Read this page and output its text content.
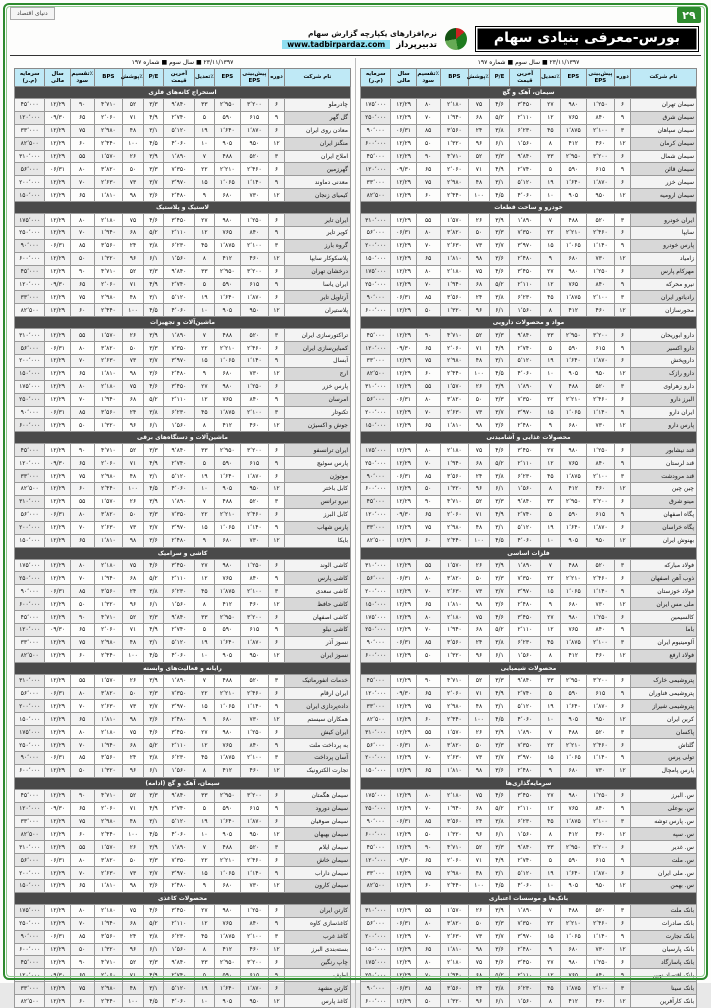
۲۹
دنیای اقتصاد
بورس-معرفی بنیادی سهام
نرم‌افزارهای یکپارچه گزارش سهام
تدبیرپرداز
www.tadbirpardaz.com
۲۳/۱۱/۱۳۹۷ ■ سال سوم ■ شماره ۱۹۷
نام شرکت	دوره	پیش‌بینی EPS	EPS	٪تعدیل	آخرین قیمت	P/E	٪پوشش	BPS	٪تقسیم سود	سال مالی	سرمایه (م.ر)
سیمان، آهک و گچ											
سیمان تهران	۶	۱٬۲۵۰	۹۸۰	۲۷	۳٬۴۵۰	۴/۶	۷۵	۲٬۱۸۰	۸۰	۱۲/۲۹	۱۷۵٬۰۰۰
سیمان شرق	۹	۸۴۰	۷۶۵	۱۲	۲٬۱۱۰	۵/۲	۶۸	۱٬۹۴۰	۷۰	۱۲/۲۹	۲۵۰٬۰۰۰
سیمان سپاهان	۳	۲٬۱۰۰	۱٬۸۷۵	۴۵	۶٬۲۳۰	۳/۸	۲۴	۳٬۵۶۰	۸۵	۰۶/۳۱	۹۰٬۰۰۰
سیمان کرمان	۱۲	۴۶۰	۴۱۲	۸	۱٬۵۶۰	۶/۱	۹۶	۱٬۳۲۰	۵۰	۱۲/۲۹	۶۰۰٬۰۰۰
سیمان شمال	۶	۳٬۲۰۰	۲٬۹۵۰	۳۳	۹٬۸۴۰	۳/۳	۵۲	۴٬۷۱۰	۹۰	۱۲/۲۹	۴۵٬۰۰۰
سیمان قائن	۹	۶۱۵	۵۹۰	۵	۲٬۷۴۰	۴/۹	۷۱	۲٬۰۶۰	۶۵	۰۹/۳۰	۱۲۰٬۰۰۰
سیمان خزر	۶	۱٬۸۷۰	۱٬۶۴۰	۱۹	۵٬۱۲۰	۳/۱	۴۸	۲٬۹۸۰	۷۵	۱۲/۲۹	۳۳٬۰۰۰
سیمان ارومیه	۱۲	۹۵۰	۹۰۵	۱۰	۴٬۰۶۰	۴/۵	۱۰۰	۲٬۴۴۰	۶۰	۱۲/۲۹	۸۲٬۵۰۰
خودرو و ساخت قطعات											
ایران خودرو	۳	۵۲۰	۴۸۸	۷	۱٬۸۹۰	۳/۹	۲۶	۱٬۵۷۰	۵۵	۱۲/۲۹	۳۱۰٬۰۰۰
سایپا	۶	۲٬۴۶۰	۲٬۲۱۰	۲۲	۷٬۳۵۰	۳/۳	۵۰	۳٬۸۲۰	۸۰	۰۶/۳۱	۵۶٬۰۰۰
پارس خودرو	۹	۱٬۱۴۰	۱٬۰۶۵	۱۵	۳٬۹۷۰	۳/۷	۷۳	۲٬۶۳۰	۷۰	۱۲/۲۹	۲۰۰٬۰۰۰
زامیاد	۱۲	۷۳۰	۶۸۰	۹	۲٬۴۸۰	۳/۶	۹۸	۱٬۸۱۰	۶۵	۱۲/۲۹	۱۵۰٬۰۰۰
مهرکام پارس	۶	۱٬۲۵۰	۹۸۰	۲۷	۳٬۴۵۰	۴/۶	۷۵	۲٬۱۸۰	۸۰	۱۲/۲۹	۱۷۵٬۰۰۰
نیرو محرکه	۹	۸۴۰	۷۶۵	۱۲	۲٬۱۱۰	۵/۲	۶۸	۱٬۹۴۰	۷۰	۱۲/۲۹	۲۵۰٬۰۰۰
رادیاتور ایران	۳	۲٬۱۰۰	۱٬۸۷۵	۴۵	۶٬۲۳۰	۳/۸	۲۴	۳٬۵۶۰	۸۵	۰۶/۳۱	۹۰٬۰۰۰
محورسازان	۱۲	۴۶۰	۴۱۲	۸	۱٬۵۶۰	۶/۱	۹۶	۱٬۳۲۰	۵۰	۱۲/۲۹	۶۰۰٬۰۰۰
مواد و محصولات دارویی											
دارو ابوریحان	۶	۳٬۲۰۰	۲٬۹۵۰	۳۳	۹٬۸۴۰	۳/۳	۵۲	۴٬۷۱۰	۹۰	۱۲/۲۹	۴۵٬۰۰۰
دارو اکسیر	۹	۶۱۵	۵۹۰	۵	۲٬۷۴۰	۴/۹	۷۱	۲٬۰۶۰	۶۵	۰۹/۳۰	۱۲۰٬۰۰۰
داروپخش	۶	۱٬۸۷۰	۱٬۶۴۰	۱۹	۵٬۱۲۰	۳/۱	۴۸	۲٬۹۸۰	۷۵	۱۲/۲۹	۳۳٬۰۰۰
دارو رازک	۱۲	۹۵۰	۹۰۵	۱۰	۴٬۰۶۰	۴/۵	۱۰۰	۲٬۴۴۰	۶۰	۱۲/۲۹	۸۲٬۵۰۰
دارو زهراوی	۳	۵۲۰	۴۸۸	۷	۱٬۸۹۰	۳/۹	۲۶	۱٬۵۷۰	۵۵	۱۲/۲۹	۳۱۰٬۰۰۰
البرز دارو	۶	۲٬۴۶۰	۲٬۲۱۰	۲۲	۷٬۳۵۰	۳/۳	۵۰	۳٬۸۲۰	۸۰	۰۶/۳۱	۵۶٬۰۰۰
ایران دارو	۹	۱٬۱۴۰	۱٬۰۶۵	۱۵	۳٬۹۷۰	۳/۷	۷۳	۲٬۶۳۰	۷۰	۱۲/۲۹	۲۰۰٬۰۰۰
پارس دارو	۱۲	۷۳۰	۶۸۰	۹	۲٬۴۸۰	۳/۶	۹۸	۱٬۸۱۰	۶۵	۱۲/۲۹	۱۵۰٬۰۰۰
محصولات غذایی و آشامیدنی											
قند نیشابور	۶	۱٬۲۵۰	۹۸۰	۲۷	۳٬۴۵۰	۴/۶	۷۵	۲٬۱۸۰	۸۰	۱۲/۲۹	۱۷۵٬۰۰۰
قند لرستان	۹	۸۴۰	۷۶۵	۱۲	۲٬۱۱۰	۵/۲	۶۸	۱٬۹۴۰	۷۰	۱۲/۲۹	۲۵۰٬۰۰۰
قند مرودشت	۳	۲٬۱۰۰	۱٬۸۷۵	۴۵	۶٬۲۳۰	۳/۸	۲۴	۳٬۵۶۰	۸۵	۰۶/۳۱	۹۰٬۰۰۰
چین چین	۱۲	۴۶۰	۴۱۲	۸	۱٬۵۶۰	۶/۱	۹۶	۱٬۳۲۰	۵۰	۱۲/۲۹	۶۰۰٬۰۰۰
مینو شرق	۶	۳٬۲۰۰	۲٬۹۵۰	۳۳	۹٬۸۴۰	۳/۳	۵۲	۴٬۷۱۰	۹۰	۱۲/۲۹	۴۵٬۰۰۰
پگاه اصفهان	۹	۶۱۵	۵۹۰	۵	۲٬۷۴۰	۴/۹	۷۱	۲٬۰۶۰	۶۵	۰۹/۳۰	۱۲۰٬۰۰۰
پگاه خراسان	۶	۱٬۸۷۰	۱٬۶۴۰	۱۹	۵٬۱۲۰	۳/۱	۴۸	۲٬۹۸۰	۷۵	۱۲/۲۹	۳۳٬۰۰۰
بهنوش ایران	۱۲	۹۵۰	۹۰۵	۱۰	۴٬۰۶۰	۴/۵	۱۰۰	۲٬۴۴۰	۶۰	۱۲/۲۹	۸۲٬۵۰۰
فلزات اساسی											
فولاد مبارکه	۳	۵۲۰	۴۸۸	۷	۱٬۸۹۰	۳/۹	۲۶	۱٬۵۷۰	۵۵	۱۲/۲۹	۳۱۰٬۰۰۰
ذوب آهن اصفهان	۶	۲٬۴۶۰	۲٬۲۱۰	۲۲	۷٬۳۵۰	۳/۳	۵۰	۳٬۸۲۰	۸۰	۰۶/۳۱	۵۶٬۰۰۰
فولاد خوزستان	۹	۱٬۱۴۰	۱٬۰۶۵	۱۵	۳٬۹۷۰	۳/۷	۷۳	۲٬۶۳۰	۷۰	۱۲/۲۹	۲۰۰٬۰۰۰
ملی مس ایران	۱۲	۷۳۰	۶۸۰	۹	۲٬۴۸۰	۳/۶	۹۸	۱٬۸۱۰	۶۵	۱۲/۲۹	۱۵۰٬۰۰۰
کالسیمین	۶	۱٬۲۵۰	۹۸۰	۲۷	۳٬۴۵۰	۴/۶	۷۵	۲٬۱۸۰	۸۰	۱۲/۲۹	۱۷۵٬۰۰۰
باما	۹	۸۴۰	۷۶۵	۱۲	۲٬۱۱۰	۵/۲	۶۸	۱٬۹۴۰	۷۰	۱۲/۲۹	۲۵۰٬۰۰۰
آلومینیوم ایران	۳	۲٬۱۰۰	۱٬۸۷۵	۴۵	۶٬۲۳۰	۳/۸	۲۴	۳٬۵۶۰	۸۵	۰۶/۳۱	۹۰٬۰۰۰
فولاد ارفع	۱۲	۴۶۰	۴۱۲	۸	۱٬۵۶۰	۶/۱	۹۶	۱٬۳۲۰	۵۰	۱۲/۲۹	۶۰۰٬۰۰۰
محصولات شیمیایی											
پتروشیمی خارک	۶	۳٬۲۰۰	۲٬۹۵۰	۳۳	۹٬۸۴۰	۳/۳	۵۲	۴٬۷۱۰	۹۰	۱۲/۲۹	۴۵٬۰۰۰
پتروشیمی فناوران	۹	۶۱۵	۵۹۰	۵	۲٬۷۴۰	۴/۹	۷۱	۲٬۰۶۰	۶۵	۰۹/۳۰	۱۲۰٬۰۰۰
پتروشیمی شیراز	۶	۱٬۸۷۰	۱٬۶۴۰	۱۹	۵٬۱۲۰	۳/۱	۴۸	۲٬۹۸۰	۷۵	۱۲/۲۹	۳۳٬۰۰۰
کربن ایران	۱۲	۹۵۰	۹۰۵	۱۰	۴٬۰۶۰	۴/۵	۱۰۰	۲٬۴۴۰	۶۰	۱۲/۲۹	۸۲٬۵۰۰
پاکسان	۳	۵۲۰	۴۸۸	۷	۱٬۸۹۰	۳/۹	۲۶	۱٬۵۷۰	۵۵	۱۲/۲۹	۳۱۰٬۰۰۰
گلتاش	۶	۲٬۴۶۰	۲٬۲۱۰	۲۲	۷٬۳۵۰	۳/۳	۵۰	۳٬۸۲۰	۸۰	۰۶/۳۱	۵۶٬۰۰۰
تولی پرس	۹	۱٬۱۴۰	۱٬۰۶۵	۱۵	۳٬۹۷۰	۳/۷	۷۳	۲٬۶۳۰	۷۰	۱۲/۲۹	۲۰۰٬۰۰۰
پارس پامچال	۱۲	۷۳۰	۶۸۰	۹	۲٬۴۸۰	۳/۶	۹۸	۱٬۸۱۰	۶۵	۱۲/۲۹	۱۵۰٬۰۰۰
سرمایه‌گذاری‌ها											
س. البرز	۶	۱٬۲۵۰	۹۸۰	۲۷	۳٬۴۵۰	۴/۶	۷۵	۲٬۱۸۰	۸۰	۱۲/۲۹	۱۷۵٬۰۰۰
س. بوعلی	۹	۸۴۰	۷۶۵	۱۲	۲٬۱۱۰	۵/۲	۶۸	۱٬۹۴۰	۷۰	۱۲/۲۹	۲۵۰٬۰۰۰
س. پارس توشه	۳	۲٬۱۰۰	۱٬۸۷۵	۴۵	۶٬۲۳۰	۳/۸	۲۴	۳٬۵۶۰	۸۵	۰۶/۳۱	۹۰٬۰۰۰
س. سپه	۱۲	۴۶۰	۴۱۲	۸	۱٬۵۶۰	۶/۱	۹۶	۱٬۳۲۰	۵۰	۱۲/۲۹	۶۰۰٬۰۰۰
س. غدیر	۶	۳٬۲۰۰	۲٬۹۵۰	۳۳	۹٬۸۴۰	۳/۳	۵۲	۴٬۷۱۰	۹۰	۱۲/۲۹	۴۵٬۰۰۰
س. ملت	۹	۶۱۵	۵۹۰	۵	۲٬۷۴۰	۴/۹	۷۱	۲٬۰۶۰	۶۵	۰۹/۳۰	۱۲۰٬۰۰۰
س. ملی ایران	۶	۱٬۸۷۰	۱٬۶۴۰	۱۹	۵٬۱۲۰	۳/۱	۴۸	۲٬۹۸۰	۷۵	۱۲/۲۹	۳۳٬۰۰۰
س. بهمن	۱۲	۹۵۰	۹۰۵	۱۰	۴٬۰۶۰	۴/۵	۱۰۰	۲٬۴۴۰	۶۰	۱۲/۲۹	۸۲٬۵۰۰
بانک‌ها و موسسات اعتباری											
بانک ملت	۳	۵۲۰	۴۸۸	۷	۱٬۸۹۰	۳/۹	۲۶	۱٬۵۷۰	۵۵	۱۲/۲۹	۳۱۰٬۰۰۰
بانک صادرات	۶	۲٬۴۶۰	۲٬۲۱۰	۲۲	۷٬۳۵۰	۳/۳	۵۰	۳٬۸۲۰	۸۰	۰۶/۳۱	۵۶٬۰۰۰
بانک تجارت	۹	۱٬۱۴۰	۱٬۰۶۵	۱۵	۳٬۹۷۰	۳/۷	۷۳	۲٬۶۳۰	۷۰	۱۲/۲۹	۲۰۰٬۰۰۰
بانک پارسیان	۱۲	۷۳۰	۶۸۰	۹	۲٬۴۸۰	۳/۶	۹۸	۱٬۸۱۰	۶۵	۱۲/۲۹	۱۵۰٬۰۰۰
بانک پاسارگاد	۶	۱٬۲۵۰	۹۸۰	۲۷	۳٬۴۵۰	۴/۶	۷۵	۲٬۱۸۰	۸۰	۱۲/۲۹	۱۷۵٬۰۰۰
بانک اقتصاد نوین	۹	۸۴۰	۷۶۵	۱۲	۲٬۱۱۰	۵/۲	۶۸	۱٬۹۴۰	۷۰	۱۲/۲۹	۲۵۰٬۰۰۰
بانک سینا	۳	۲٬۱۰۰	۱٬۸۷۵	۴۵	۶٬۲۳۰	۳/۸	۲۴	۳٬۵۶۰	۸۵	۰۶/۳۱	۹۰٬۰۰۰
بانک کارآفرین	۱۲	۴۶۰	۴۱۲	۸	۱٬۵۶۰	۶/۱	۹۶	۱٬۳۲۰	۵۰	۱۲/۲۹	۶۰۰٬۰۰۰
۲۳/۱۱/۱۳۹۷ ■ سال سوم ■ شماره ۱۹۷
نام شرکت	دوره	پیش‌بینی EPS	EPS	٪تعدیل	آخرین قیمت	P/E	٪پوشش	BPS	٪تقسیم سود	سال مالی	سرمایه (م.ر)
استخراج کانه‌های فلزی											
چادرملو	۶	۳٬۲۰۰	۲٬۹۵۰	۳۳	۹٬۸۴۰	۳/۳	۵۲	۴٬۷۱۰	۹۰	۱۲/۲۹	۴۵٬۰۰۰
گل گهر	۹	۶۱۵	۵۹۰	۵	۲٬۷۴۰	۴/۹	۷۱	۲٬۰۶۰	۶۵	۰۹/۳۰	۱۲۰٬۰۰۰
معادن روی ایران	۶	۱٬۸۷۰	۱٬۶۴۰	۱۹	۵٬۱۲۰	۳/۱	۴۸	۲٬۹۸۰	۷۵	۱۲/۲۹	۳۳٬۰۰۰
منگنز ایران	۱۲	۹۵۰	۹۰۵	۱۰	۴٬۰۶۰	۴/۵	۱۰۰	۲٬۴۴۰	۶۰	۱۲/۲۹	۸۲٬۵۰۰
املاح ایران	۳	۵۲۰	۴۸۸	۷	۱٬۸۹۰	۳/۹	۲۶	۱٬۵۷۰	۵۵	۱۲/۲۹	۳۱۰٬۰۰۰
گهرزمین	۶	۲٬۴۶۰	۲٬۲۱۰	۲۲	۷٬۳۵۰	۳/۳	۵۰	۳٬۸۲۰	۸۰	۰۶/۳۱	۵۶٬۰۰۰
معدنی دماوند	۹	۱٬۱۴۰	۱٬۰۶۵	۱۵	۳٬۹۷۰	۳/۷	۷۳	۲٬۶۳۰	۷۰	۱۲/۲۹	۲۰۰٬۰۰۰
کیمیای زنجان	۱۲	۷۳۰	۶۸۰	۹	۲٬۴۸۰	۳/۶	۹۸	۱٬۸۱۰	۶۵	۱۲/۲۹	۱۵۰٬۰۰۰
لاستیک و پلاستیک											
ایران تایر	۶	۱٬۲۵۰	۹۸۰	۲۷	۳٬۴۵۰	۴/۶	۷۵	۲٬۱۸۰	۸۰	۱۲/۲۹	۱۷۵٬۰۰۰
کویر تایر	۹	۸۴۰	۷۶۵	۱۲	۲٬۱۱۰	۵/۲	۶۸	۱٬۹۴۰	۷۰	۱۲/۲۹	۲۵۰٬۰۰۰
گروه بارز	۳	۲٬۱۰۰	۱٬۸۷۵	۴۵	۶٬۲۳۰	۳/۸	۲۴	۳٬۵۶۰	۸۵	۰۶/۳۱	۹۰٬۰۰۰
پلاسکوکار سایپا	۱۲	۴۶۰	۴۱۲	۸	۱٬۵۶۰	۶/۱	۹۶	۱٬۳۲۰	۵۰	۱۲/۲۹	۶۰۰٬۰۰۰
درخشان تهران	۶	۳٬۲۰۰	۲٬۹۵۰	۳۳	۹٬۸۴۰	۳/۳	۵۲	۴٬۷۱۰	۹۰	۱۲/۲۹	۴۵٬۰۰۰
ایران یاسا	۹	۶۱۵	۵۹۰	۵	۲٬۷۴۰	۴/۹	۷۱	۲٬۰۶۰	۶۵	۰۹/۳۰	۱۲۰٬۰۰۰
آرتاویل تایر	۶	۱٬۸۷۰	۱٬۶۴۰	۱۹	۵٬۱۲۰	۳/۱	۴۸	۲٬۹۸۰	۷۵	۱۲/۲۹	۳۳٬۰۰۰
پلاستیران	۱۲	۹۵۰	۹۰۵	۱۰	۴٬۰۶۰	۴/۵	۱۰۰	۲٬۴۴۰	۶۰	۱۲/۲۹	۸۲٬۵۰۰
ماشین‌آلات و تجهیزات											
تراکتورسازی ایران	۳	۵۲۰	۴۸۸	۷	۱٬۸۹۰	۳/۹	۲۶	۱٬۵۷۰	۵۵	۱۲/۲۹	۳۱۰٬۰۰۰
کمباین‌سازی ایران	۶	۲٬۴۶۰	۲٬۲۱۰	۲۲	۷٬۳۵۰	۳/۳	۵۰	۳٬۸۲۰	۸۰	۰۶/۳۱	۵۶٬۰۰۰
آبسال	۹	۱٬۱۴۰	۱٬۰۶۵	۱۵	۳٬۹۷۰	۳/۷	۷۳	۲٬۶۳۰	۷۰	۱۲/۲۹	۲۰۰٬۰۰۰
ارج	۱۲	۷۳۰	۶۸۰	۹	۲٬۴۸۰	۳/۶	۹۸	۱٬۸۱۰	۶۵	۱۲/۲۹	۱۵۰٬۰۰۰
پارس خزر	۶	۱٬۲۵۰	۹۸۰	۲۷	۳٬۴۵۰	۴/۶	۷۵	۲٬۱۸۰	۸۰	۱۲/۲۹	۱۷۵٬۰۰۰
امرسان	۹	۸۴۰	۷۶۵	۱۲	۲٬۱۱۰	۵/۲	۶۸	۱٬۹۴۰	۷۰	۱۲/۲۹	۲۵۰٬۰۰۰
تکنوتار	۳	۲٬۱۰۰	۱٬۸۷۵	۴۵	۶٬۲۳۰	۳/۸	۲۴	۳٬۵۶۰	۸۵	۰۶/۳۱	۹۰٬۰۰۰
جوش و اکسیژن	۱۲	۴۶۰	۴۱۲	۸	۱٬۵۶۰	۶/۱	۹۶	۱٬۳۲۰	۵۰	۱۲/۲۹	۶۰۰٬۰۰۰
ماشین‌آلات و دستگاه‌های برقی											
ایران ترانسفو	۶	۳٬۲۰۰	۲٬۹۵۰	۳۳	۹٬۸۴۰	۳/۳	۵۲	۴٬۷۱۰	۹۰	۱۲/۲۹	۴۵٬۰۰۰
پارس سوئیچ	۹	۶۱۵	۵۹۰	۵	۲٬۷۴۰	۴/۹	۷۱	۲٬۰۶۰	۶۵	۰۹/۳۰	۱۲۰٬۰۰۰
موتوژن	۶	۱٬۸۷۰	۱٬۶۴۰	۱۹	۵٬۱۲۰	۳/۱	۴۸	۲٬۹۸۰	۷۵	۱۲/۲۹	۳۳٬۰۰۰
کابل باختر	۱۲	۹۵۰	۹۰۵	۱۰	۴٬۰۶۰	۴/۵	۱۰۰	۲٬۴۴۰	۶۰	۱۲/۲۹	۸۲٬۵۰۰
نیرو ترانس	۳	۵۲۰	۴۸۸	۷	۱٬۸۹۰	۳/۹	۲۶	۱٬۵۷۰	۵۵	۱۲/۲۹	۳۱۰٬۰۰۰
کابل البرز	۶	۲٬۴۶۰	۲٬۲۱۰	۲۲	۷٬۳۵۰	۳/۳	۵۰	۳٬۸۲۰	۸۰	۰۶/۳۱	۵۶٬۰۰۰
پارس شهاب	۹	۱٬۱۴۰	۱٬۰۶۵	۱۵	۳٬۹۷۰	۳/۷	۷۳	۲٬۶۳۰	۷۰	۱۲/۲۹	۲۰۰٬۰۰۰
بایکا	۱۲	۷۳۰	۶۸۰	۹	۲٬۴۸۰	۳/۶	۹۸	۱٬۸۱۰	۶۵	۱۲/۲۹	۱۵۰٬۰۰۰
کاشی و سرامیک											
کاشی الوند	۶	۱٬۲۵۰	۹۸۰	۲۷	۳٬۴۵۰	۴/۶	۷۵	۲٬۱۸۰	۸۰	۱۲/۲۹	۱۷۵٬۰۰۰
کاشی پارس	۹	۸۴۰	۷۶۵	۱۲	۲٬۱۱۰	۵/۲	۶۸	۱٬۹۴۰	۷۰	۱۲/۲۹	۲۵۰٬۰۰۰
کاشی سعدی	۳	۲٬۱۰۰	۱٬۸۷۵	۴۵	۶٬۲۳۰	۳/۸	۲۴	۳٬۵۶۰	۸۵	۰۶/۳۱	۹۰٬۰۰۰
کاشی حافظ	۱۲	۴۶۰	۴۱۲	۸	۱٬۵۶۰	۶/۱	۹۶	۱٬۳۲۰	۵۰	۱۲/۲۹	۶۰۰٬۰۰۰
کاشی اصفهان	۶	۳٬۲۰۰	۲٬۹۵۰	۳۳	۹٬۸۴۰	۳/۳	۵۲	۴٬۷۱۰	۹۰	۱۲/۲۹	۴۵٬۰۰۰
کاشی نیلو	۹	۶۱۵	۵۹۰	۵	۲٬۷۴۰	۴/۹	۷۱	۲٬۰۶۰	۶۵	۰۹/۳۰	۱۲۰٬۰۰۰
نسوز آذر	۶	۱٬۸۷۰	۱٬۶۴۰	۱۹	۵٬۱۲۰	۳/۱	۴۸	۲٬۹۸۰	۷۵	۱۲/۲۹	۳۳٬۰۰۰
نسوز ایران	۱۲	۹۵۰	۹۰۵	۱۰	۴٬۰۶۰	۴/۵	۱۰۰	۲٬۴۴۰	۶۰	۱۲/۲۹	۸۲٬۵۰۰
رایانه و فعالیت‌های وابسته											
خدمات انفورماتیک	۳	۵۲۰	۴۸۸	۷	۱٬۸۹۰	۳/۹	۲۶	۱٬۵۷۰	۵۵	۱۲/۲۹	۳۱۰٬۰۰۰
ایران ارقام	۶	۲٬۴۶۰	۲٬۲۱۰	۲۲	۷٬۳۵۰	۳/۳	۵۰	۳٬۸۲۰	۸۰	۰۶/۳۱	۵۶٬۰۰۰
داده‌پردازی ایران	۹	۱٬۱۴۰	۱٬۰۶۵	۱۵	۳٬۹۷۰	۳/۷	۷۳	۲٬۶۳۰	۷۰	۱۲/۲۹	۲۰۰٬۰۰۰
همکاران سیستم	۱۲	۷۳۰	۶۸۰	۹	۲٬۴۸۰	۳/۶	۹۸	۱٬۸۱۰	۶۵	۱۲/۲۹	۱۵۰٬۰۰۰
ایران کیش	۶	۱٬۲۵۰	۹۸۰	۲۷	۳٬۴۵۰	۴/۶	۷۵	۲٬۱۸۰	۸۰	۱۲/۲۹	۱۷۵٬۰۰۰
به پرداخت ملت	۹	۸۴۰	۷۶۵	۱۲	۲٬۱۱۰	۵/۲	۶۸	۱٬۹۴۰	۷۰	۱۲/۲۹	۲۵۰٬۰۰۰
آسان پرداخت	۳	۲٬۱۰۰	۱٬۸۷۵	۴۵	۶٬۲۳۰	۳/۸	۲۴	۳٬۵۶۰	۸۵	۰۶/۳۱	۹۰٬۰۰۰
تجارت الکترونیک	۱۲	۴۶۰	۴۱۲	۸	۱٬۵۶۰	۶/۱	۹۶	۱٬۳۲۰	۵۰	۱۲/۲۹	۶۰۰٬۰۰۰
سیمان، آهک و گچ (ادامه)											
سیمان هگمتان	۶	۳٬۲۰۰	۲٬۹۵۰	۳۳	۹٬۸۴۰	۳/۳	۵۲	۴٬۷۱۰	۹۰	۱۲/۲۹	۴۵٬۰۰۰
سیمان دورود	۹	۶۱۵	۵۹۰	۵	۲٬۷۴۰	۴/۹	۷۱	۲٬۰۶۰	۶۵	۰۹/۳۰	۱۲۰٬۰۰۰
سیمان صوفیان	۶	۱٬۸۷۰	۱٬۶۴۰	۱۹	۵٬۱۲۰	۳/۱	۴۸	۲٬۹۸۰	۷۵	۱۲/۲۹	۳۳٬۰۰۰
سیمان بهبهان	۱۲	۹۵۰	۹۰۵	۱۰	۴٬۰۶۰	۴/۵	۱۰۰	۲٬۴۴۰	۶۰	۱۲/۲۹	۸۲٬۵۰۰
سیمان ایلام	۳	۵۲۰	۴۸۸	۷	۱٬۸۹۰	۳/۹	۲۶	۱٬۵۷۰	۵۵	۱۲/۲۹	۳۱۰٬۰۰۰
سیمان خاش	۶	۲٬۴۶۰	۲٬۲۱۰	۲۲	۷٬۳۵۰	۳/۳	۵۰	۳٬۸۲۰	۸۰	۰۶/۳۱	۵۶٬۰۰۰
سیمان داراب	۹	۱٬۱۴۰	۱٬۰۶۵	۱۵	۳٬۹۷۰	۳/۷	۷۳	۲٬۶۳۰	۷۰	۱۲/۲۹	۲۰۰٬۰۰۰
سیمان کارون	۱۲	۷۳۰	۶۸۰	۹	۲٬۴۸۰	۳/۶	۹۸	۱٬۸۱۰	۶۵	۱۲/۲۹	۱۵۰٬۰۰۰
محصولات کاغذی											
کارتن ایران	۶	۱٬۲۵۰	۹۸۰	۲۷	۳٬۴۵۰	۴/۶	۷۵	۲٬۱۸۰	۸۰	۱۲/۲۹	۱۷۵٬۰۰۰
کاغذسازی کاوه	۹	۸۴۰	۷۶۵	۱۲	۲٬۱۱۰	۵/۲	۶۸	۱٬۹۴۰	۷۰	۱۲/۲۹	۲۵۰٬۰۰۰
کاغذ غرب	۳	۲٬۱۰۰	۱٬۸۷۵	۴۵	۶٬۲۳۰	۳/۸	۲۴	۳٬۵۶۰	۸۵	۰۶/۳۱	۹۰٬۰۰۰
بسته‌بندی البرز	۱۲	۴۶۰	۴۱۲	۸	۱٬۵۶۰	۶/۱	۹۶	۱٬۳۲۰	۵۰	۱۲/۲۹	۶۰۰٬۰۰۰
چاپ رنگین	۶	۳٬۲۰۰	۲٬۹۵۰	۳۳	۹٬۸۴۰	۳/۳	۵۲	۴٬۷۱۰	۹۰	۱۲/۲۹	۴۵٬۰۰۰
لطیف	۹	۶۱۵	۵۹۰	۵	۲٬۷۴۰	۴/۹	۷۱	۲٬۰۶۰	۶۵	۰۹/۳۰	۱۲۰٬۰۰۰
کارتن مشهد	۶	۱٬۸۷۰	۱٬۶۴۰	۱۹	۵٬۱۲۰	۳/۱	۴۸	۲٬۹۸۰	۷۵	۱۲/۲۹	۳۳٬۰۰۰
کاغذ پارس	۱۲	۹۵۰	۹۰۵	۱۰	۴٬۰۶۰	۴/۵	۱۰۰	۲٬۴۴۰	۶۰	۱۲/۲۹	۸۲٬۵۰۰
